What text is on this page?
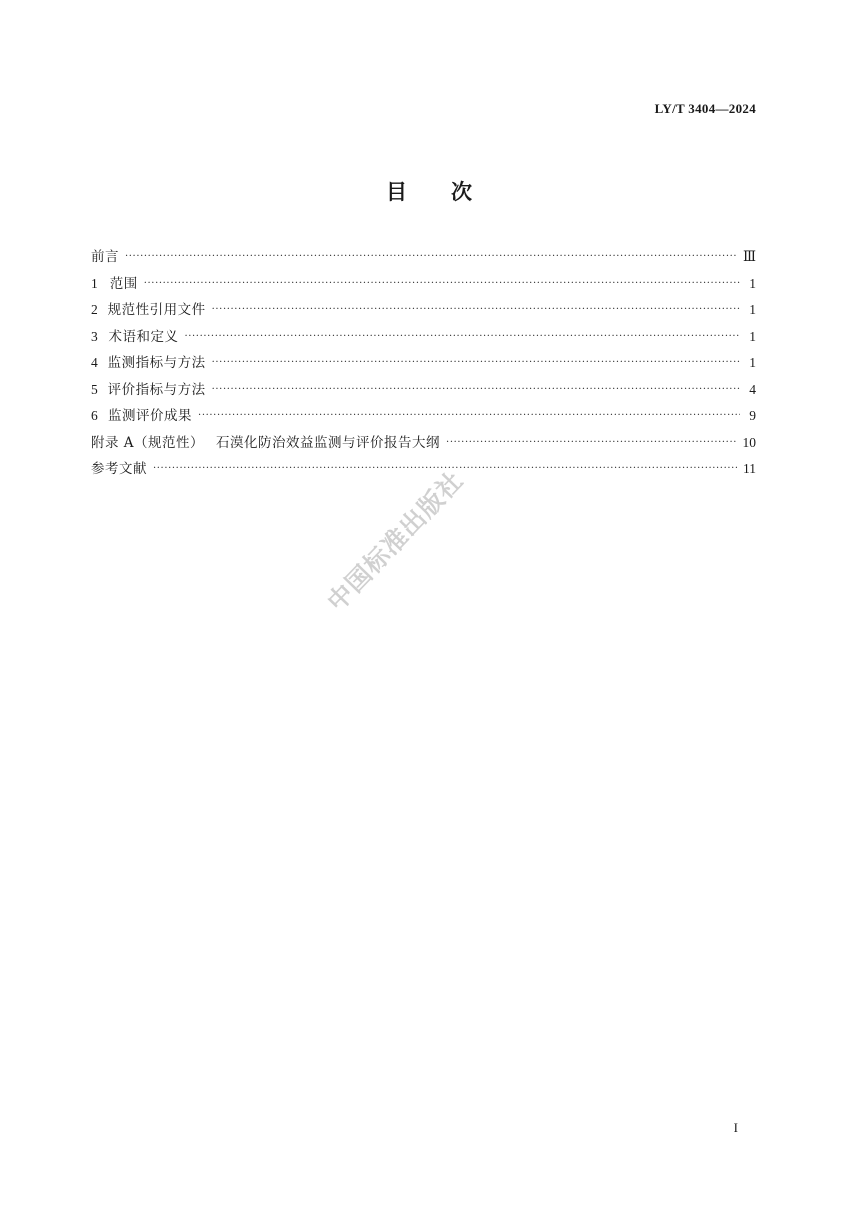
LY/T 3404—2024
目 次
前言 ·····	Ⅲ
1 范围 ·····	1
2 规范性引用文件 ·····	1
3 术语和定义 ·····	1
4 监测指标与方法 ·····	1
5 评价指标与方法 ·····	4
6 监测评价成果 ·····	9
附录 A（规范性） 石漠化防治效益监测与评价报告大纲 ·····	10
参考文献 ·····	11
中国标准出版社
I
